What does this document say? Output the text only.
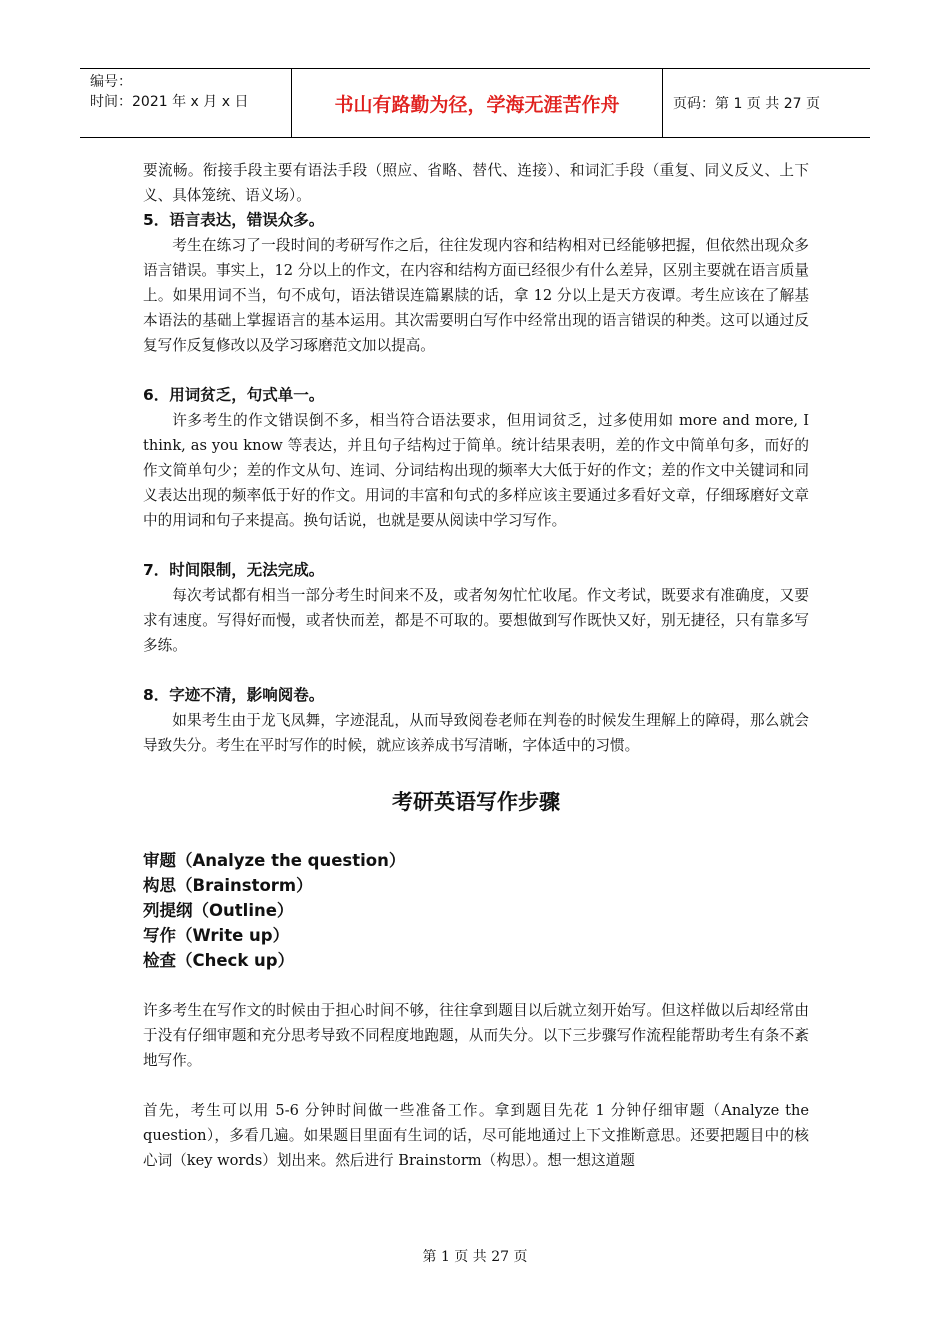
编号：
时间：2021 年 x 月 x 日	书山有路勤为径，学海无涯苦作舟	页码：第 1 页 共 27 页

要流畅。衔接手段主要有语法手段（照应、省略、替代、连接）、和词汇手段（重复、同义反义、上下义、具体笼统、语义场）。

5．语言表达，错误众多。

考生在练习了一段时间的考研写作之后，往往发现内容和结构相对已经能够把握，但依然出现众多语言错误。事实上，12 分以上的作文，在内容和结构方面已经很少有什么差异，区别主要就在语言质量上。如果用词不当，句不成句，语法错误连篇累牍的话，拿 12 分以上是天方夜谭。考生应该在了解基本语法的基础上掌握语言的基本运用。其次需要明白写作中经常出现的语言错误的种类。这可以通过反复写作反复修改以及学习琢磨范文加以提高。

6．用词贫乏，句式单一。

许多考生的作文错误倒不多，相当符合语法要求，但用词贫乏，过多使用如 more and more, I think, as you know 等表达，并且句子结构过于简单。统计结果表明，差的作文中简单句多，而好的作文简单句少；差的作文从句、连词、分词结构出现的频率大大低于好的作文；差的作文中关键词和同义表达出现的频率低于好的作文。用词的丰富和句式的多样应该主要通过多看好文章，仔细琢磨好文章中的用词和句子来提高。换句话说，也就是要从阅读中学习写作。

7．时间限制，无法完成。

每次考试都有相当一部分考生时间来不及，或者匆匆忙忙收尾。作文考试，既要求有准确度，又要求有速度。写得好而慢，或者快而差，都是不可取的。要想做到写作既快又好，别无捷径，只有靠多写多练。

8．字迹不清，影响阅卷。

如果考生由于龙飞凤舞，字迹混乱，从而导致阅卷老师在判卷的时候发生理解上的障碍，那么就会导致失分。考生在平时写作的时候，就应该养成书写清晰，字体适中的习惯。

考研英语写作步骤
审题（Analyze the question）
构思（Brainstorm）
列提纲（Outline）
写作（Write up）
检查（Check up）

许多考生在写作文的时候由于担心时间不够，往往拿到题目以后就立刻开始写。但这样做以后却经常由于没有仔细审题和充分思考导致不同程度地跑题，从而失分。以下三步骤写作流程能帮助考生有条不紊地写作。

首先，考生可以用 5-6 分钟时间做一些准备工作。拿到题目先花 1 分钟仔细审题（Analyze the question），多看几遍。如果题目里面有生词的话，尽可能地通过上下文推断意思。还要把题目中的核心词（key words）划出来。然后进行 Brainstorm（构思）。想一想这道题

第 1 页 共 27 页
